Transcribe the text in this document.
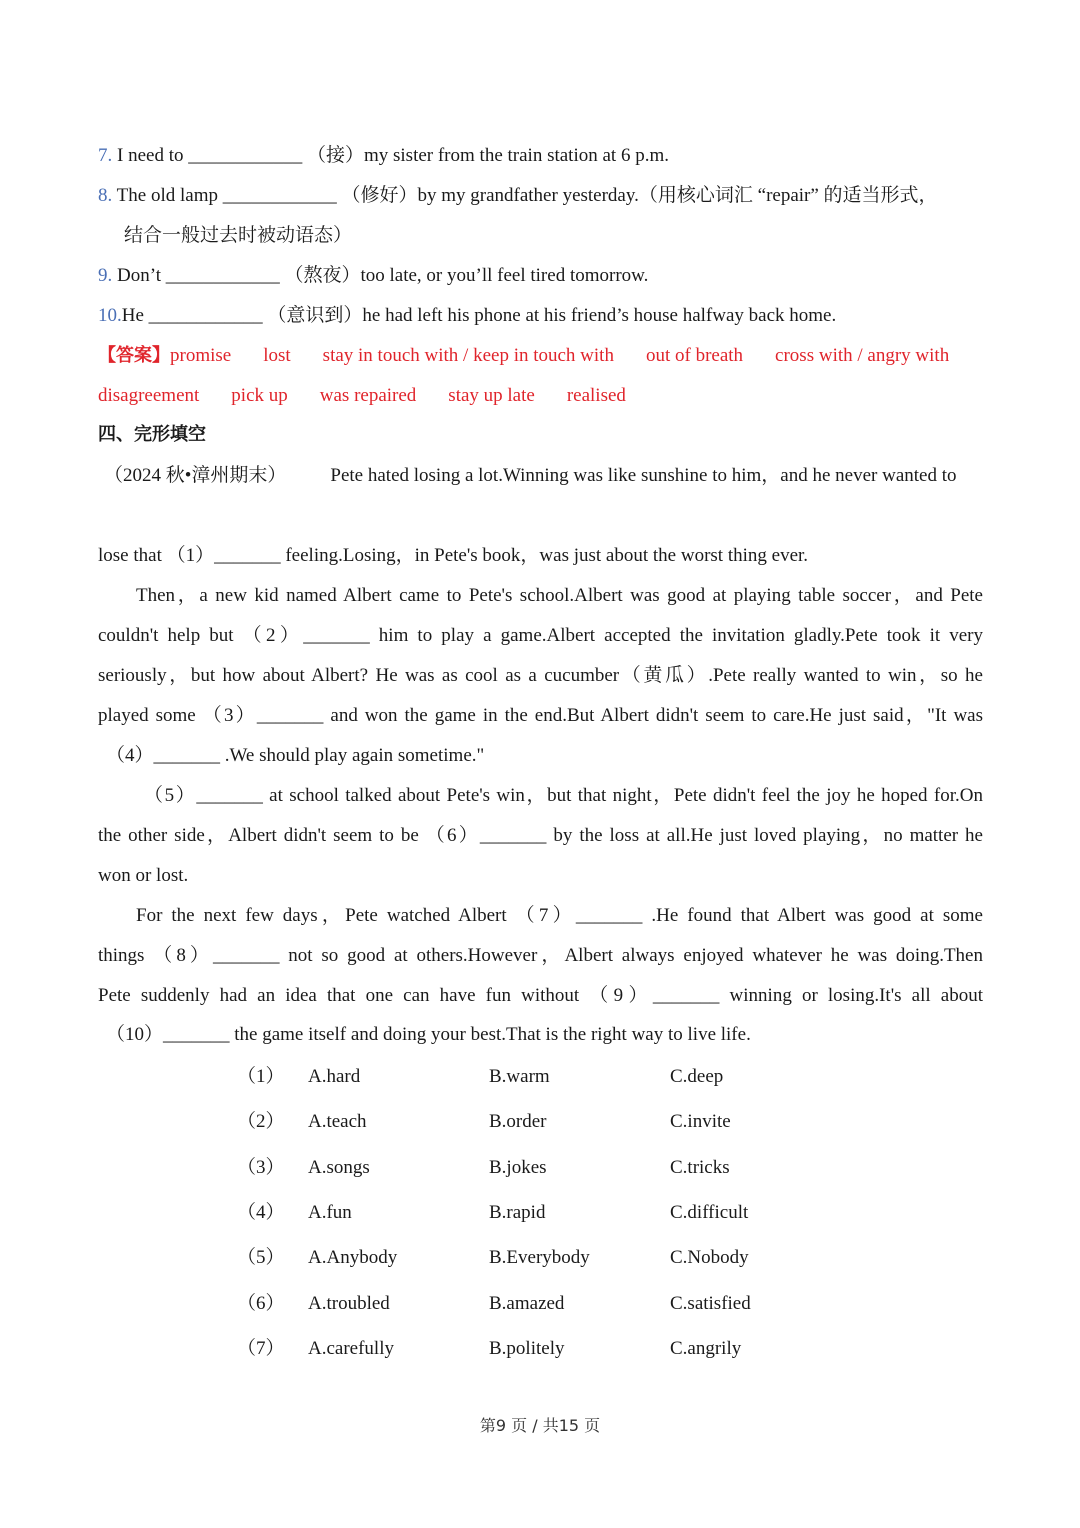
7. I need to ____________ （接）my sister from the train station at 6 p.m.
8. The old lamp ____________ （修好）by my grandfather yesterday.（用核心词汇 “repair” 的适当形式，
结合一般过去时被动语态）
9. Don’t ____________ （熬夜）too late, or you’ll feel tired tomorrow.
10.He ____________ （意识到）he had left his phone at his friend’s house halfway back home.
【答案】promise lost stay in touch with / keep in touch with out of breath cross with / angry with
disagreement pick up was repaired stay up late realised
四、完形填空
（2024 秋•漳州期末） Pete hated losing a lot.Winning was like sunshine to him，and he never wanted to
lose that （1）_______ feeling.Losing，in Pete's book，was just about the worst thing ever.
Then，a new kid named Albert came to Pete's school.Albert was good at playing table soccer，and Pete
couldn't help but （2）_______ him to play a game.Albert accepted the invitation gladly.Pete took it very
seriously，but how about Albert? He was as cool as a cucumber（黄瓜）.Pete really wanted to win，so he
played some （3）_______ and won the game in the end.But Albert didn't seem to care.He just said，"It was
（4）_______ .We should play again sometime."
（5）_______ at school talked about Pete's win，but that night，Pete didn't feel the joy he hoped for.On
the other side，Albert didn't seem to be （6）_______ by the loss at all.He just loved playing，no matter he
won or lost.
For the next few days，Pete watched Albert （7）_______ .He found that Albert was good at some
things （8）_______ not so good at others.However，Albert always enjoyed whatever he was doing.Then
Pete suddenly had an idea that one can have fun without （9）_______ winning or losing.It's all about
（10）_______ the game itself and doing your best.That is the right way to live life.
（1） A.hard	B.warm	C.deep
（2） A.teach	B.order	C.invite
（3） A.songs	B.jokes	C.tricks
（4） A.fun	B.rapid	C.difficult
（5） A.Anybody	B.Everybody	C.Nobody
（6） A.troubled	B.amazed	C.satisfied
（7） A.carefully	B.politely	C.angrily
第9 页 / 共15 页
